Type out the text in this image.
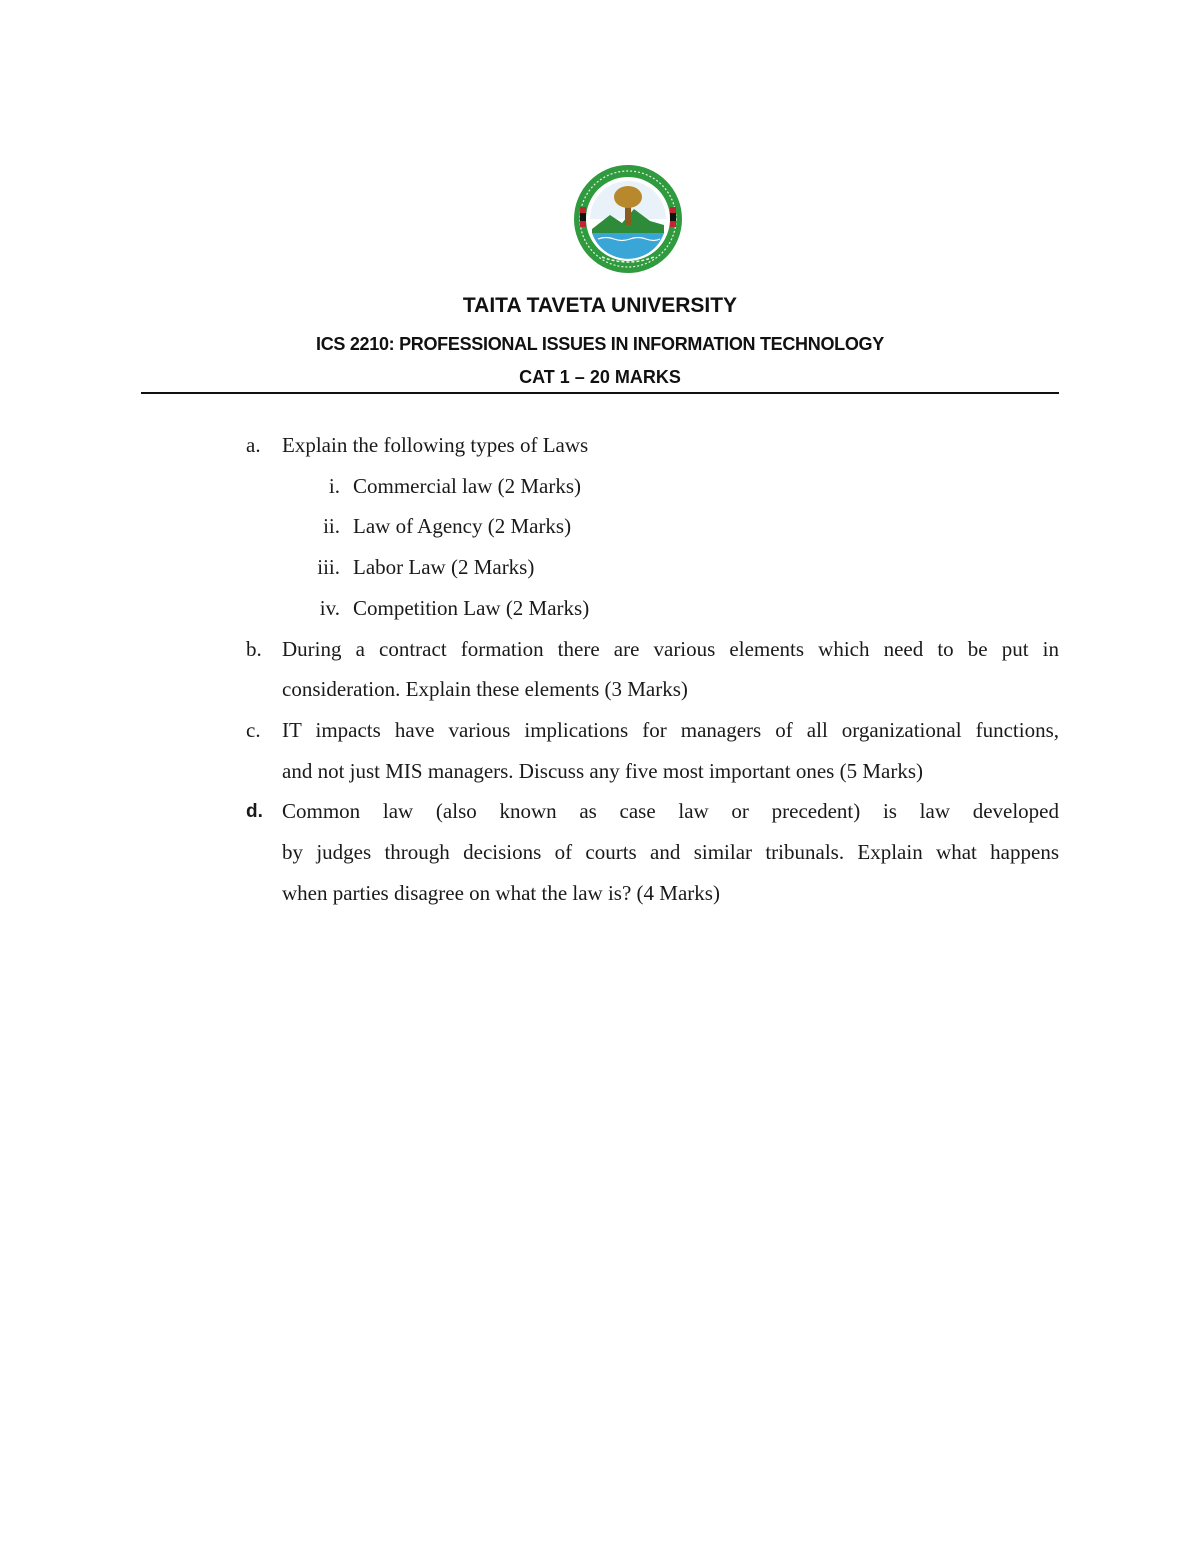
TAITA TAVETA UNIVERSITY
ICS 2210: PROFESSIONAL ISSUES IN INFORMATION TECHNOLOGY
CAT 1 – 20 MARKS
a. Explain the following types of Laws
i. Commercial law (2 Marks)
ii. Law of Agency (2 Marks)
iii. Labor Law (2 Marks)
iv. Competition Law (2 Marks)
b. During a contract formation there are various elements which need to be put in
consideration. Explain these elements (3 Marks)
c. IT impacts have various implications for managers of all organizational functions,
and not just MIS managers. Discuss any five most important ones (5 Marks)
d. Common law (also known as case law or precedent) is law developed
by judges through decisions of courts and similar tribunals. Explain what happens
when parties disagree on what the law is? (4 Marks)
